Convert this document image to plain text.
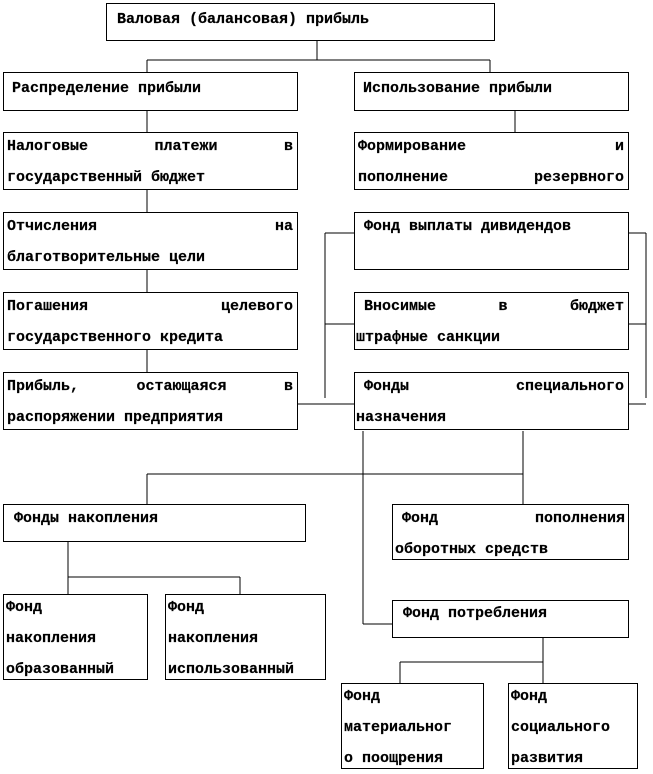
Валовая (балансовая) прибыль
Распределение прибыли	Использование прибыли
Налоговые	платежи	в
государственный бюджет
Отчисления	на
благотворительные цели
Погашения	целевого
государственного кредита
Прибыль,	остающаяся	в
распоряжении предприятия
Формирование	и
пополнение	резервного
Фонд выплаты дивидендов
Вносимые	в	бюджет
штрафные санкции
Фонды	специального
назначения
Фонды накопления	Фонд	пополнения
оборотных средств
Фонд
накопления
образованный
Фонд
накопления
использованный
Фонд потребления
Фонд
материальног
о поощрения
Фонд
социального
развития
